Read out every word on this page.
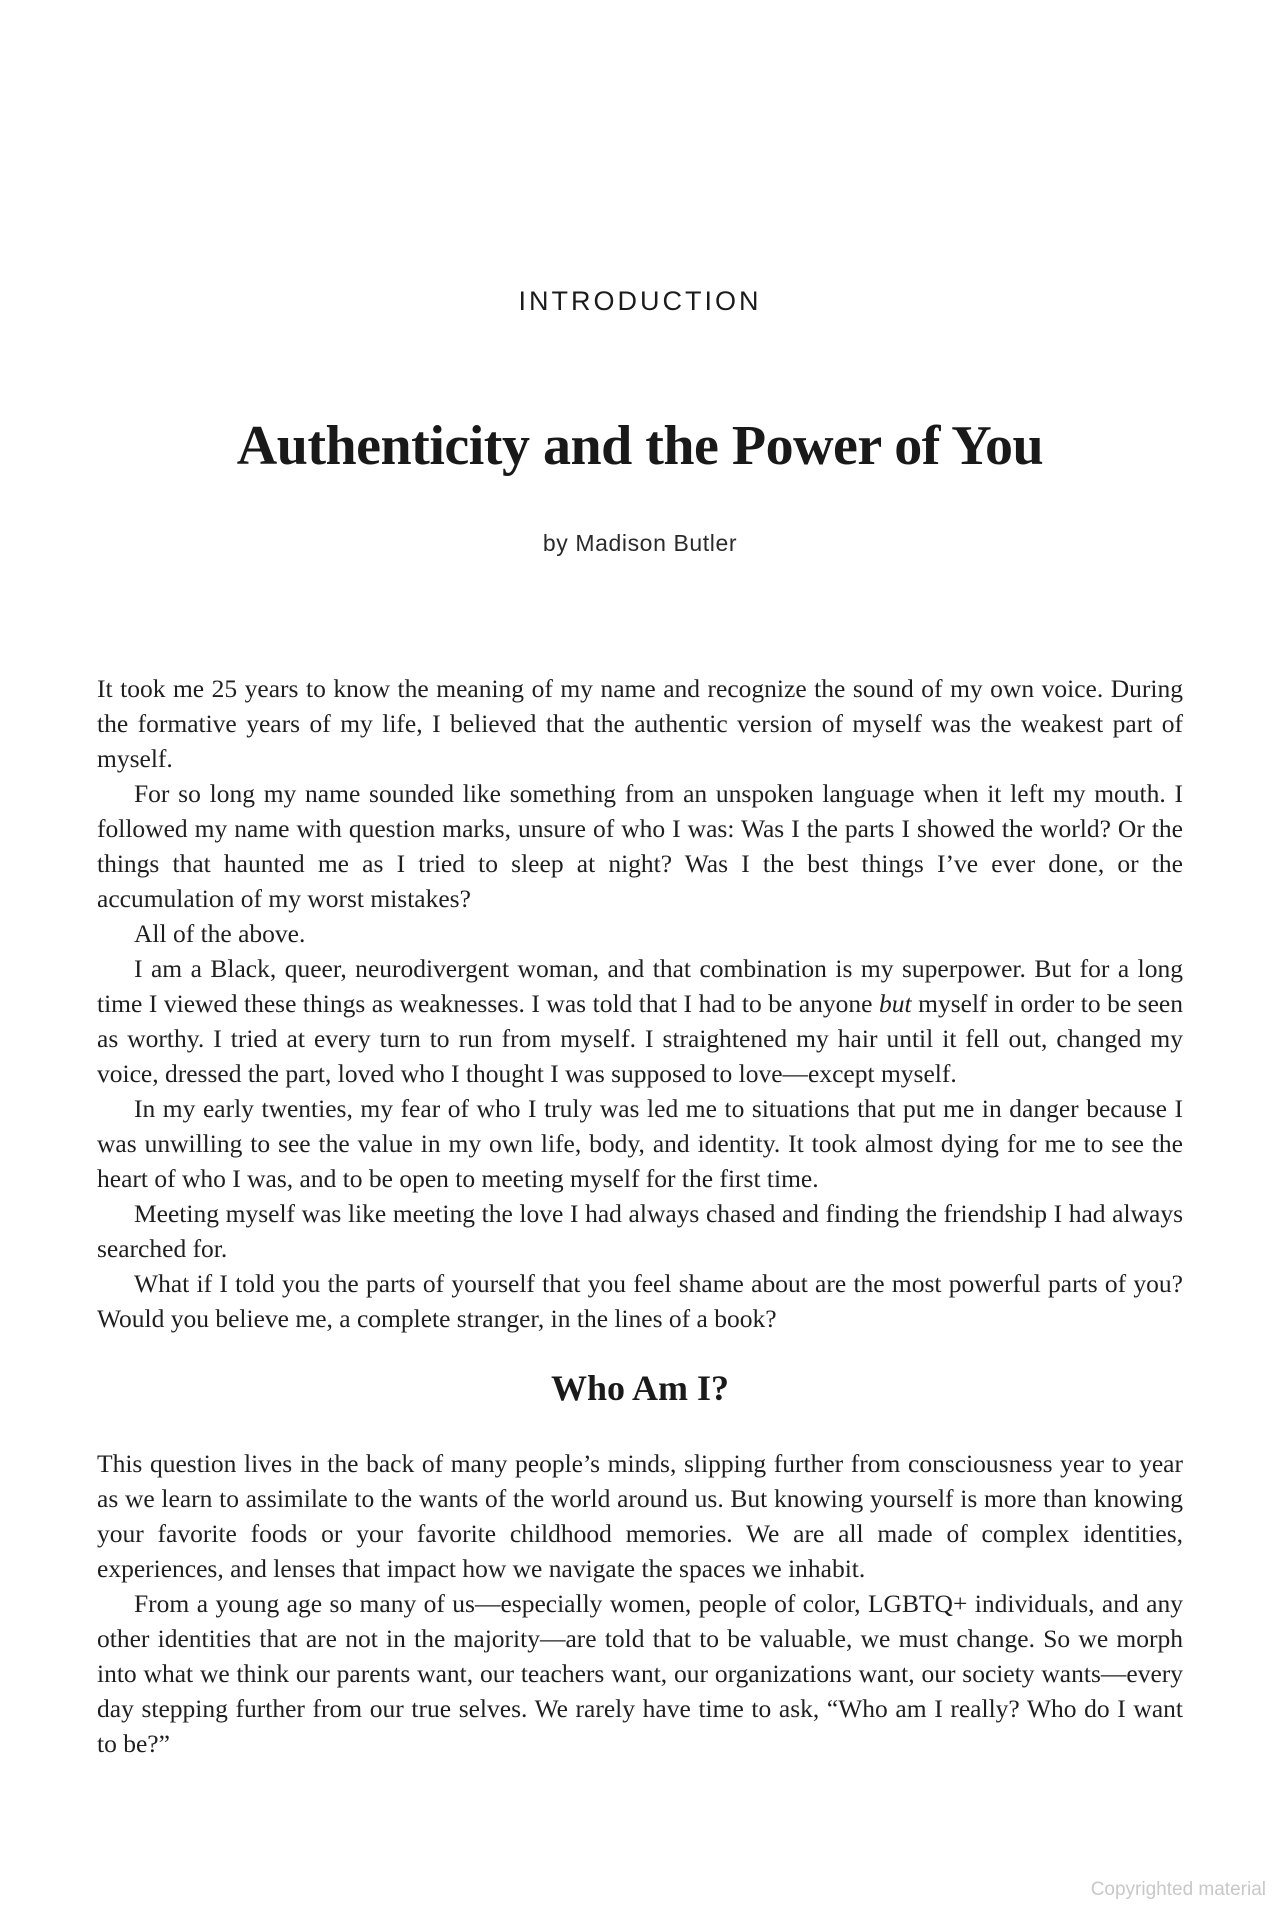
INTRODUCTION
Authenticity and the Power of You
by Madison Butler

It took me 25 years to know the meaning of my name and recognize the sound of my own voice. During the formative years of my life, I believed that the authentic version of myself was the weakest part of myself.

For so long my name sounded like something from an unspoken language when it left my mouth. I followed my name with question marks, unsure of who I was: Was I the parts I showed the world? Or the things that haunted me as I tried to sleep at night? Was I the best things I’ve ever done, or the accumulation of my worst mistakes?

All of the above.

I am a Black, queer, neurodivergent woman, and that combination is my superpower. But for a long time I viewed these things as weaknesses. I was told that I had to be anyone but myself in order to be seen as worthy. I tried at every turn to run from myself. I straightened my hair until it fell out, changed my voice, dressed the part, loved who I thought I was supposed to love—except myself.

In my early twenties, my fear of who I truly was led me to situations that put me in danger because I was unwilling to see the value in my own life, body, and identity. It took almost dying for me to see the heart of who I was, and to be open to meeting myself for the first time.

Meeting myself was like meeting the love I had always chased and finding the friendship I had always searched for.

What if I told you the parts of yourself that you feel shame about are the most powerful parts of you? Would you believe me, a complete stranger, in the lines of a book?

Who Am I?

This question lives in the back of many people’s minds, slipping further from consciousness year to year as we learn to assimilate to the wants of the world around us. But knowing yourself is more than knowing your favorite foods or your favorite childhood memories. We are all made of complex identities, experiences, and lenses that impact how we navigate the spaces we inhabit.

From a young age so many of us—especially women, people of color, LGBTQ+ individuals, and any other identities that are not in the majority—are told that to be valuable, we must change. So we morph into what we think our parents want, our teachers want, our organizations want, our society wants—every day stepping further from our true selves. We rarely have time to ask, “Who am I really? Who do I want to be?”

Copyrighted material
